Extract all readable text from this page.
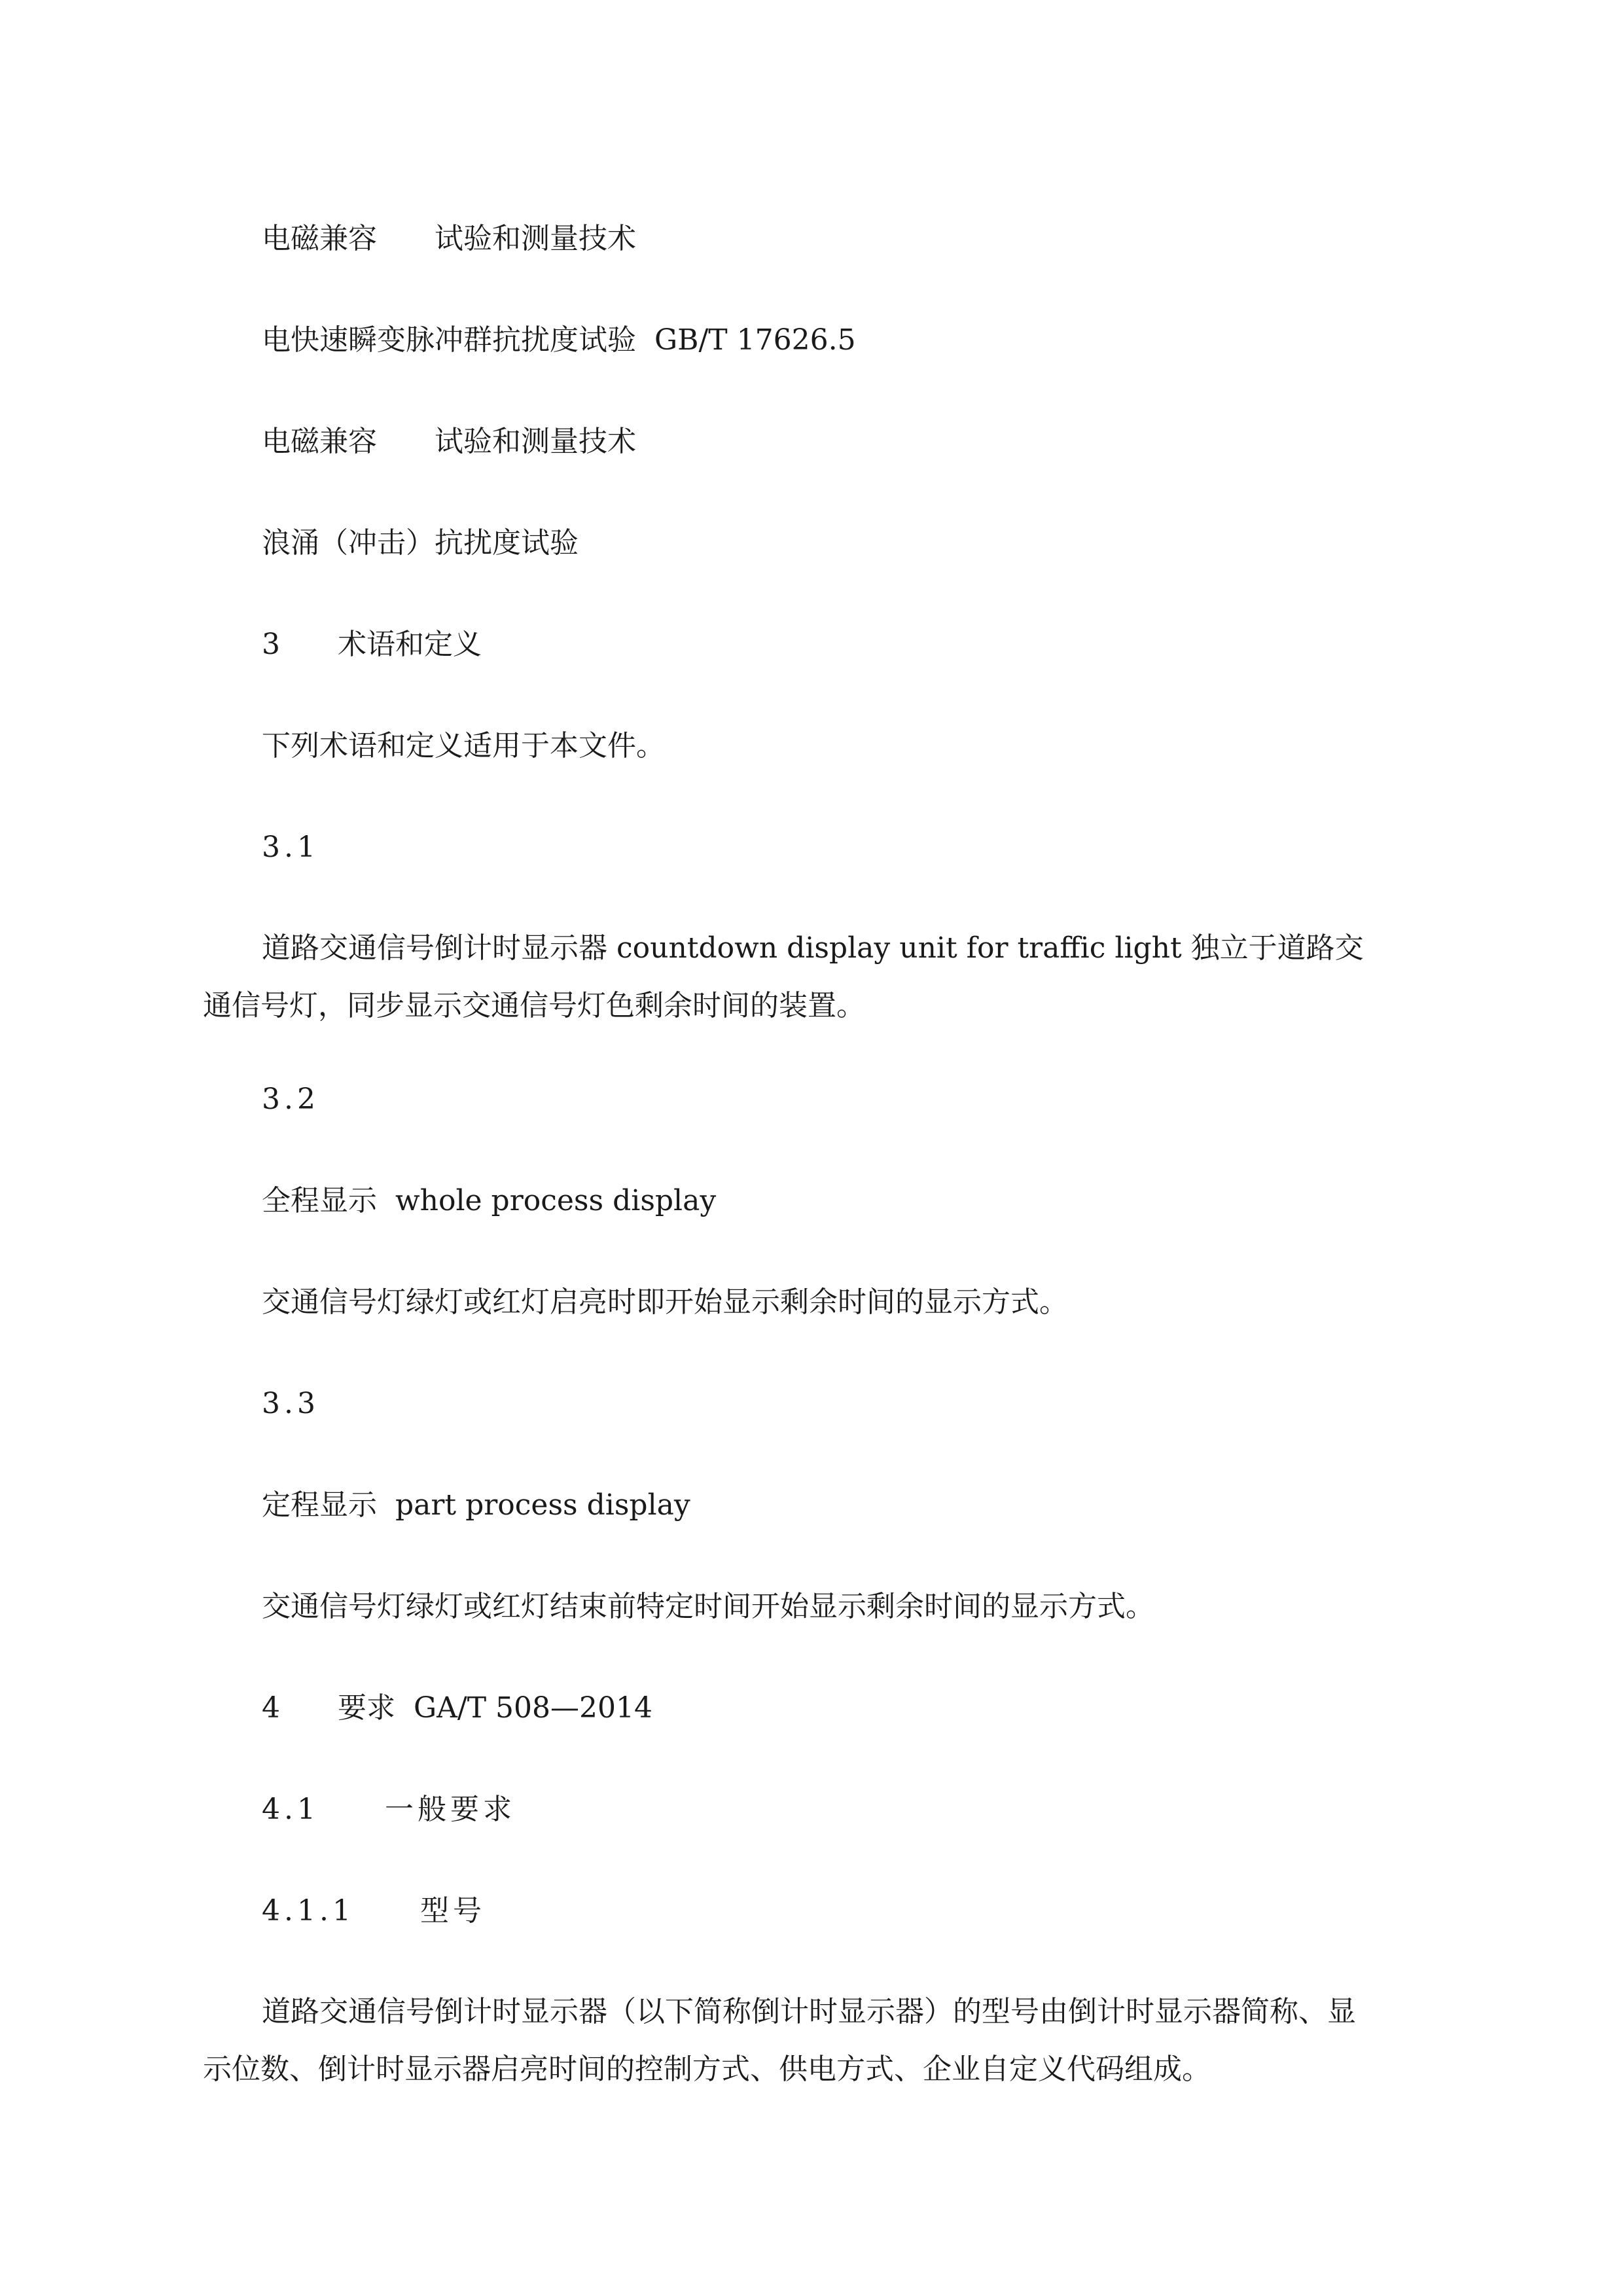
电磁兼容　　试验和测量技术

电快速瞬变脉冲群抗扰度试验  GB/T 17626.5

电磁兼容　　试验和测量技术

浪涌（冲击）抗扰度试验

3　　术语和定义

下列术语和定义适用于本文件。

3.1

道路交通信号倒计时显示器 countdown display unit for traffic light 独立于道路交通信号灯，同步显示交通信号灯色剩余时间的装置。

3.2

全程显示  whole process display

交通信号灯绿灯或红灯启亮时即开始显示剩余时间的显示方式。

3.3

定程显示  part process display

交通信号灯绿灯或红灯结束前特定时间开始显示剩余时间的显示方式。

4　　要求  GA/T 508—2014

4.1　　一般要求

4.1.1　　型号

道路交通信号倒计时显示器（以下简称倒计时显示器）的型号由倒计时显示器简称、显示位数、倒计时显示器启亮时间的控制方式、供电方式、企业自定义代码组成。
